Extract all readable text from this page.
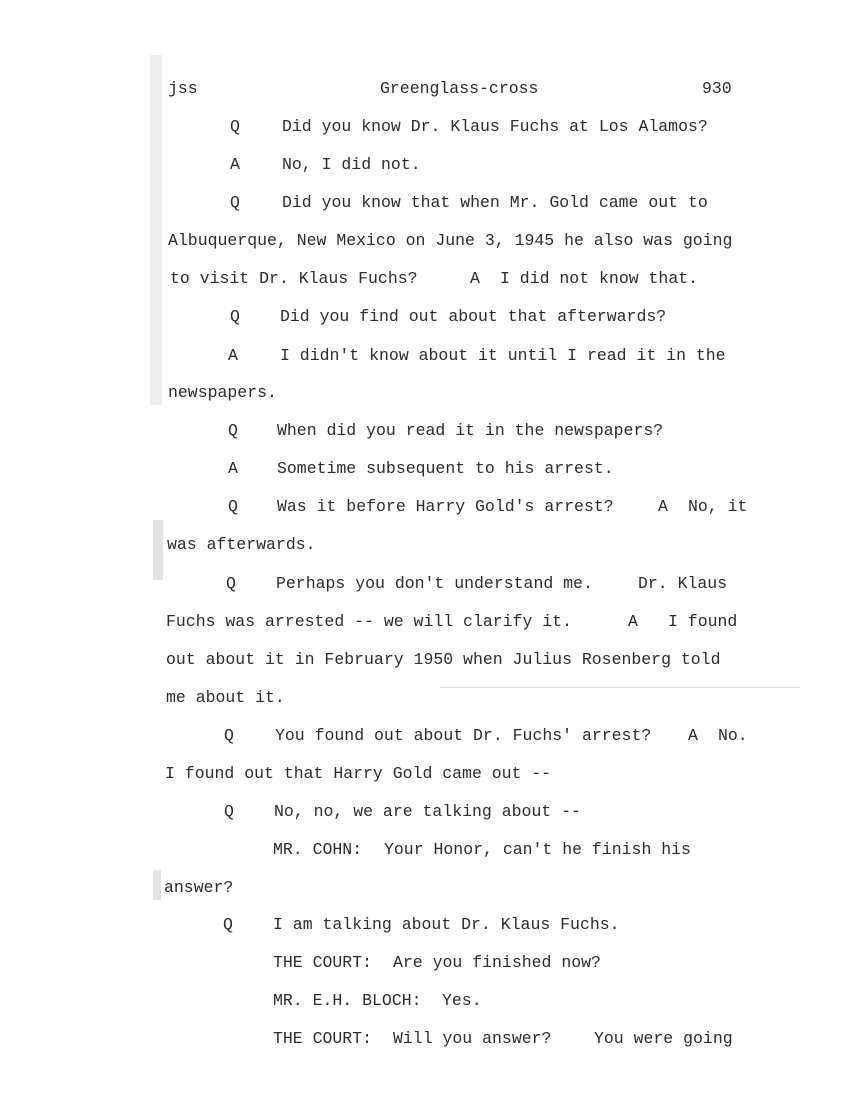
jss	Greenglass-cross	930
Q	Did you know Dr. Klaus Fuchs at Los Alamos?
A	No, I did not.
Q	Did you know that when Mr. Gold came out to
Albuquerque, New Mexico on June 3, 1945 he also was going
to visit Dr. Klaus Fuchs?	A I did not know that.
Q Did you find out about that afterwards?
A	I didn't know about it until I read it in the
newspapers.
Q When did you read it in the newspapers?
A Sometime subsequent to his arrest.
Q Was it before Harry Gold's arrest?	A No, it
was afterwards.
Q Perhaps you don't understand me.	Dr. Klaus
Fuchs was arrested -- we will clarify it.	A I found
out about it in February 1950 when Julius Rosenberg told
me about it.
Q You found out about Dr. Fuchs' arrest? A No.
I found out that Harry Gold came out --
Q No, no, we are talking about --
MR. COHN: Your Honor, can't he finish his
answer?
Q I am talking about Dr. Klaus Fuchs.
THE COURT: Are you finished now?
MR. E.H. BLOCH: Yes.
THE COURT: Will you answer?	You were going
